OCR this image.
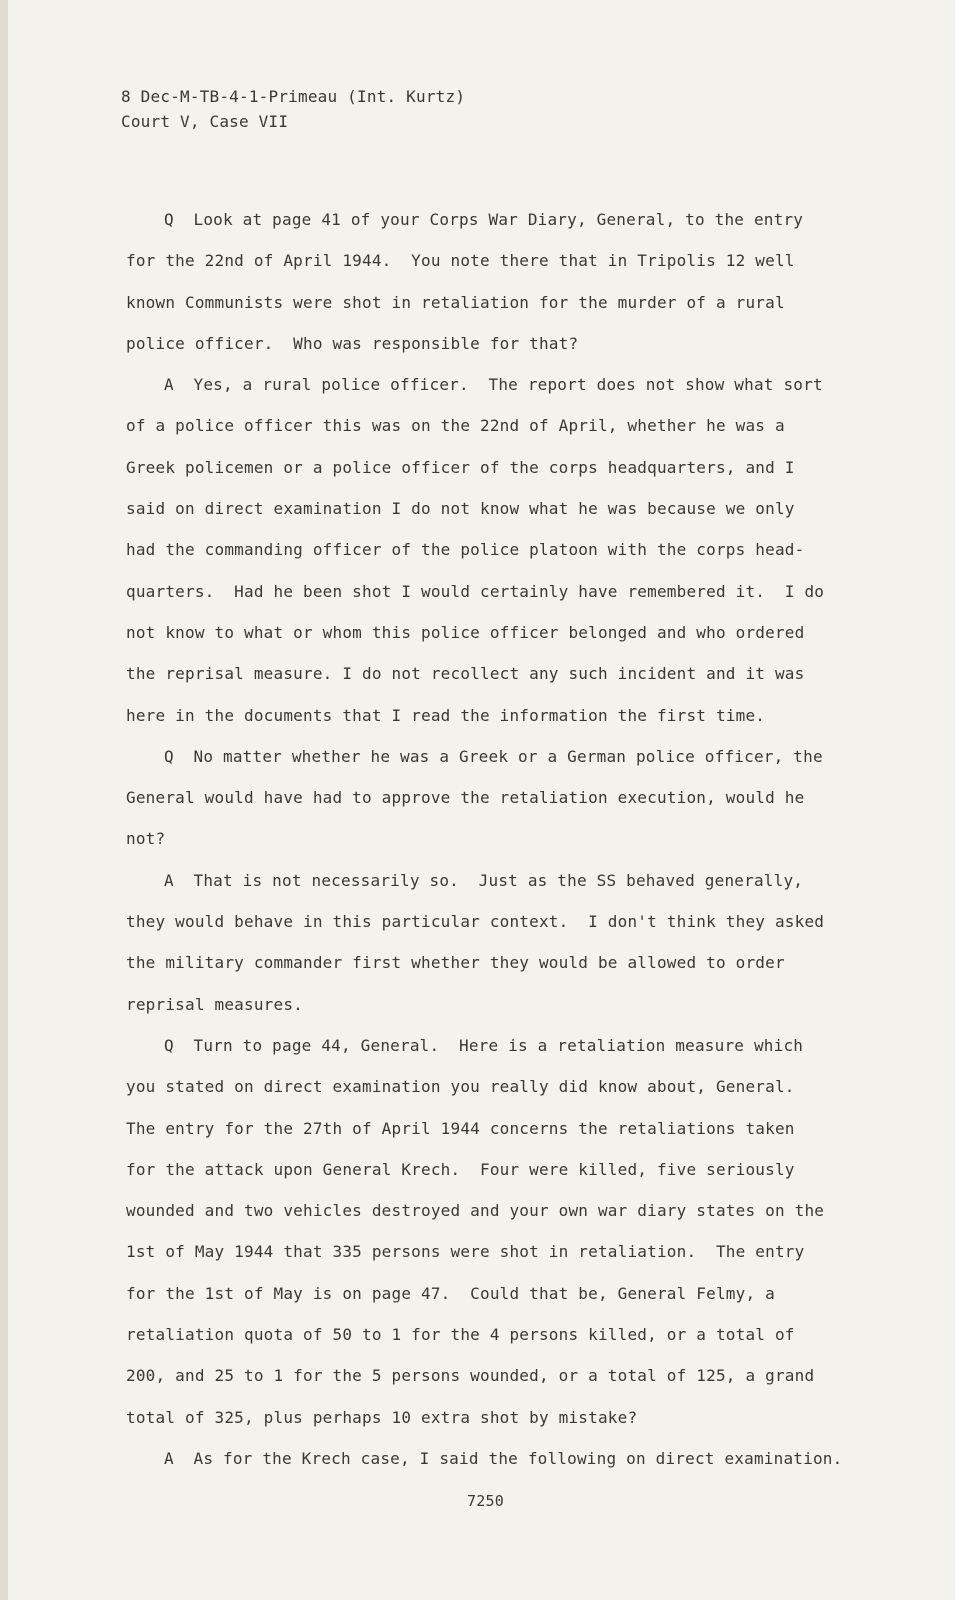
8 Dec-M-TB-4-1-Primeau (Int. Kurtz)
Court V, Case VII
Q  Look at page 41 of your Corps War Diary, General, to the entry
for the 22nd of April 1944.  You note there that in Tripolis 12 well
known Communists were shot in retaliation for the murder of a rural
police officer.  Who was responsible for that?
A  Yes, a rural police officer.  The report does not show what sort
of a police officer this was on the 22nd of April, whether he was a
Greek policemen or a police officer of the corps headquarters, and I
said on direct examination I do not know what he was because we only
had the commanding officer of the police platoon with the corps head-
quarters.  Had he been shot I would certainly have remembered it.  I do
not know to what or whom this police officer belonged and who ordered
the reprisal measure. I do not recollect any such incident and it was
here in the documents that I read the information the first time.
Q  No matter whether he was a Greek or a German police officer, the
General would have had to approve the retaliation execution, would he
not?
A  That is not necessarily so.  Just as the SS behaved generally,
they would behave in this particular context.  I don't think they asked
the military commander first whether they would be allowed to order
reprisal measures.
Q  Turn to page 44, General.  Here is a retaliation measure which
you stated on direct examination you really did know about, General.
The entry for the 27th of April 1944 concerns the retaliations taken
for the attack upon General Krech.  Four were killed, five seriously
wounded and two vehicles destroyed and your own war diary states on the
1st of May 1944 that 335 persons were shot in retaliation.  The entry
for the 1st of May is on page 47.  Could that be, General Felmy, a
retaliation quota of 50 to 1 for the 4 persons killed, or a total of
200, and 25 to 1 for the 5 persons wounded, or a total of 125, a grand
total of 325, plus perhaps 10 extra shot by mistake?
A  As for the Krech case, I said the following on direct examination.
7250
